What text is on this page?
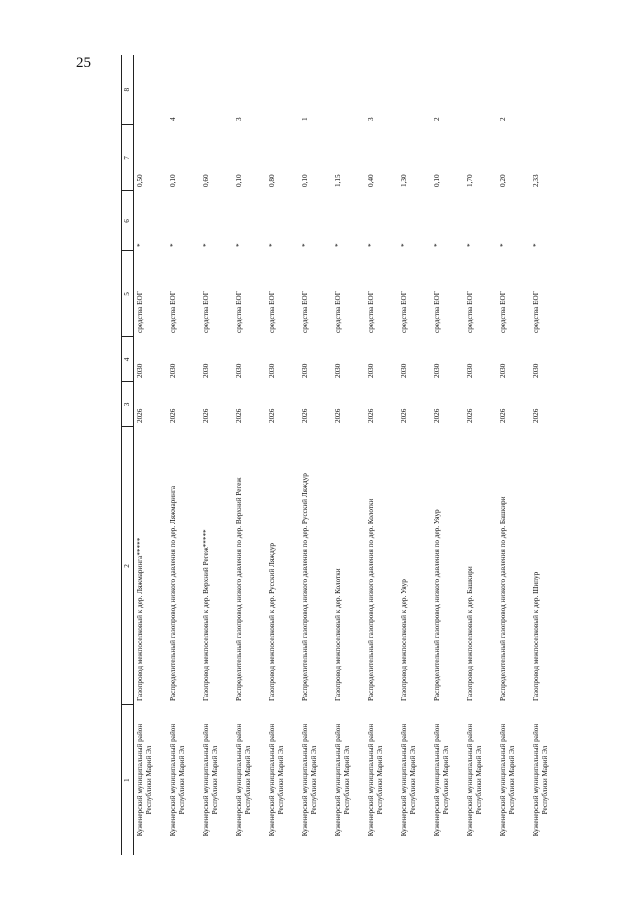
25
1	2	3	4	5	6	7	8
Куженерский муниципальный район Республики Марий Эл	Газопровод межпоселковый к дер. Ляжмаринга*****	2026	2030	средства ЕОГ	*	0,50	
Куженерский муниципальный район Республики Марий Эл	Распределительный газопровод низкого давления по дер. Ляжмаринга	2026	2030	средства ЕОГ	*	0,10	4
Куженерский муниципальный район Республики Марий Эл	Газопровод межпоселковый к дер. Верхний Регеж*****	2026	2030	средства ЕОГ	*	0,60	
Куженерский муниципальный район Республики Марий Эл	Распределительный газопровод низкого давления по дер. Верхний Регеж	2026	2030	средства ЕОГ	*	0,10	3
Куженерский муниципальный район Республики Марий Эл	Газопровод межпоселковый к дер. Русский Ляждур	2026	2030	средства ЕОГ	*	0,80	
Куженерский муниципальный район Республики Марий Эл	Распределительный газопровод низкого давления по дер. Русский Ляждур	2026	2030	средства ЕОГ	*	0,10	1
Куженерский муниципальный район Республики Марий Эл	Газопровод межпоселковый к дер. Колотки	2026	2030	средства ЕОГ	*	1,15	
Куженерский муниципальный район Республики Марий Эл	Распределительный газопровод низкого давления по дер. Колотки	2026	2030	средства ЕОГ	*	0,40	3
Куженерский муниципальный район Республики Марий Эл	Газопровод межпоселковый к дер. Уяур	2026	2030	средства ЕОГ	*	1,30	
Куженерский муниципальный район Республики Марий Эл	Распределительный газопровод низкого давления по дер. Уяур	2026	2030	средства ЕОГ	*	0,10	2
Куженерский муниципальный район Республики Марий Эл	Газопровод межпоселковый к дер. Башкири	2026	2030	средства ЕОГ	*	1,70	
Куженерский муниципальный район Республики Марий Эл	Распределительный газопровод низкого давления по дер. Башкири	2026	2030	средства ЕОГ	*	0,20	2
Куженерский муниципальный район Республики Марий Эл	Газопровод межпоселковый к дер. Шипур	2026	2030	средства ЕОГ	*	2,33	
